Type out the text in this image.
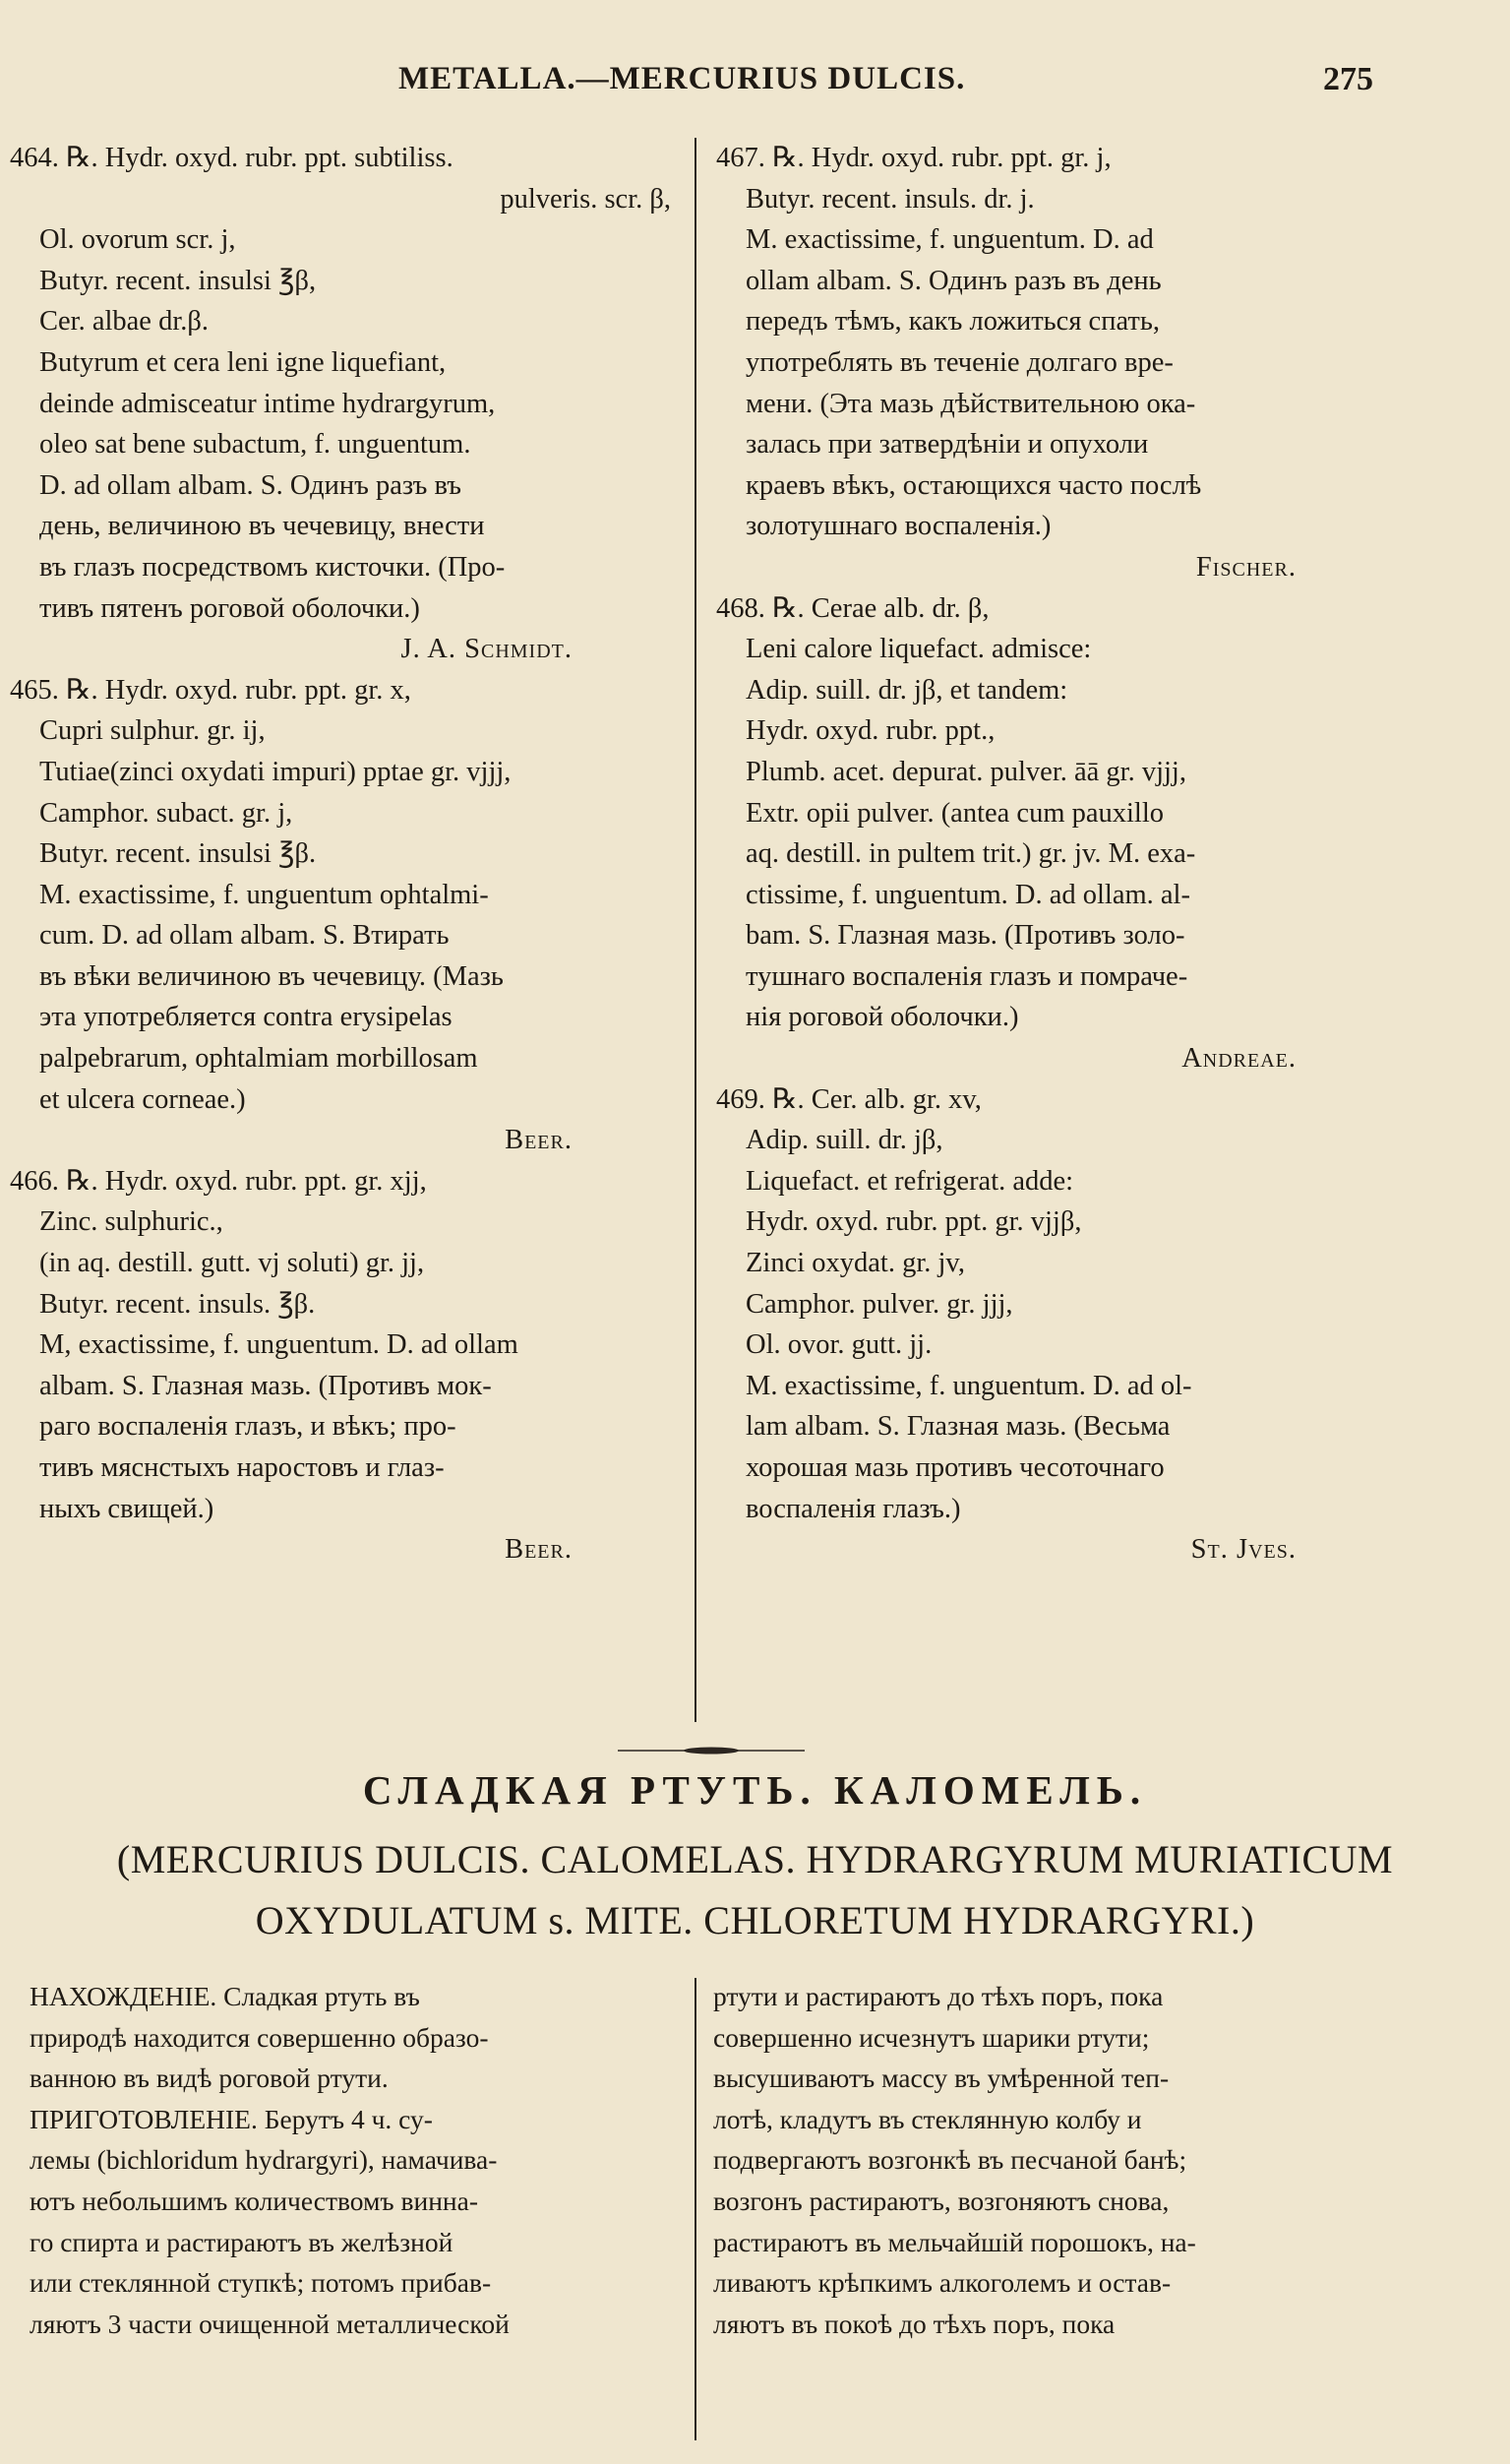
METALLA.—MERCURIUS DULCIS.	275
464. ℞. Hydr. oxyd. rubr. ppt. subtiliss.
pulveris. scr. β,
Ol. ovorum scr. j,
Butyr. recent. insulsi ℥β,
Cer. albae dr.β.
Butyrum et cera leni igne liquefiant,
deinde admisceatur intime hydrargyrum,
oleo sat bene subactum, f. unguentum.
D. ad ollam albam. S. Одинъ разъ въ
день, величиною въ чечевицу, внести
въ глазъ посредствомъ кисточки. (Про-
тивъ пятенъ роговой оболочки.)
J. A. Schmidt.
465. ℞. Hydr. oxyd. rubr. ppt. gr. x,
Cupri sulphur. gr. ij,
Tutiae(zinci oxydati impuri) pptae gr. vjjj,
Camphor. subact. gr. j,
Butyr. recent. insulsi ℥β.
M. exactissime, f. unguentum ophtalmi-
cum. D. ad ollam albam. S. Втирать
въ вѣки величиною въ чечевицу. (Мазь
эта употребляется contra erysipelas
palpebrarum, ophtalmiam morbillosam
et ulcera corneae.)
Beer.
466. ℞. Hydr. oxyd. rubr. ppt. gr. xjj,
Zinc. sulphuric.,
(in aq. destill. gutt. vj soluti) gr. jj,
Butyr. recent. insuls. ℥β.
M, exactissime, f. unguentum. D. ad ollam
albam. S. Глазная мазь. (Противъ мок-
раго воспаленія глазъ, и вѣкъ; про-
тивъ мяснстыхъ наростовъ и глаз-
ныхъ свищей.)
Beer.
467. ℞. Hydr. oxyd. rubr. ppt. gr. j,
Butyr. recent. insuls. dr. j.
M. exactissime, f. unguentum. D. ad
ollam albam. S. Одинъ разъ въ день
передъ тѣмъ, какъ ложиться спать,
употреблять въ теченіе долгаго вре-
мени. (Эта мазь дѣйствительною ока-
залась при затвердѣніи и опухоли
краевъ вѣкъ, остающихся часто послѣ
золотушнаго воспаленія.)
Fischer.
468. ℞. Cerae alb. dr. β,
Leni calore liquefact. admisce:
Adip. suill. dr. jβ, et tandem:
Hydr. oxyd. rubr. ppt.,
Plumb. acet. depurat. pulver. āā gr. vjjj,
Extr. opii pulver. (antea cum pauxillo
aq. destill. in pultem trit.) gr. jv. M. exa-
ctissime, f. unguentum. D. ad ollam. al-
bam. S. Глазная мазь. (Противъ золо-
тушнаго воспаленія глазъ и помраче-
нія роговой оболочки.)
Andreae.
469. ℞. Cer. alb. gr. xv,
Adip. suill. dr. jβ,
Liquefact. et refrigerat. adde:
Hydr. oxyd. rubr. ppt. gr. vjjβ,
Zinci oxydat. gr. jv,
Camphor. pulver. gr. jjj,
Ol. ovor. gutt. jj.
M. exactissime, f. unguentum. D. ad ol-
lam albam. S. Глазная мазь. (Весьма
хорошая мазь противъ чесоточнаго
воспаленія глазъ.)
St. Jves.
СЛАДКАЯ РТУТЬ. КАЛОМЕЛЬ.
(MERCURIUS DULCIS. CALOMELAS. HYDRARGYRUM MURIATICUM
OXYDULATUM s. MITE. CHLORETUM HYDRARGYRI.)
НАХОЖДЕНІЕ. Сладкая ртуть въ
природѣ находится совершенно образо-
ванною въ видѣ роговой ртути.
ПРИГОТОВЛЕНІЕ. Берутъ 4 ч. су-
лемы (bichloridum hydrargyri), намачива-
ютъ небольшимъ количествомъ винна-
го спирта и растираютъ въ желѣзной
или стеклянной ступкѣ; потомъ прибав-
ляютъ 3 части очищенной металлической
ртути и растираютъ до тѣхъ поръ, пока
совершенно исчезнутъ шарики ртути;
высушиваютъ массу въ умѣренной теп-
лотѣ, кладутъ въ стеклянную колбу и
подвергаютъ возгонкѣ въ песчаной банѣ;
возгонъ растираютъ, возгоняютъ снова,
растираютъ въ мельчайшій порошокъ, на-
ливаютъ крѣпкимъ алкоголемъ и остав-
ляютъ въ покоѣ до тѣхъ поръ, пока
